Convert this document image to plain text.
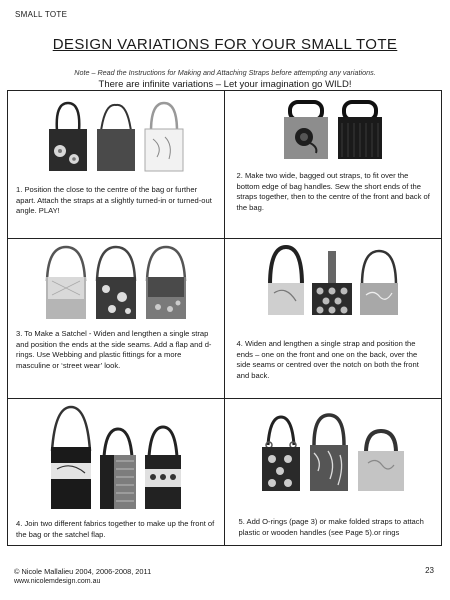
SMALL TOTE
DESIGN VARIATIONS FOR YOUR SMALL TOTE
Note – Read the Instructions for Making and Attaching Straps before attempting any variations.
There are infinite variations – Let your imagination go WILD!
1. Position the close to the centre of the bag or further apart. Attach the straps at a slightly turned-in or turned-out angle. PLAY!
2. Make two wide, bagged out straps, to fit over the bottom edge of bag handles. Sew the short ends of the straps together, then to the centre of the front and back of the bag.
3. To Make a Satchel - Widen and lengthen a single strap and position the ends at the side seams. Add a flap and d-rings. Use Webbing and plastic fittings for a more masculine or ‘street wear’ look.
4. Widen and lengthen a single strap and position the ends – one on the front and one on the back, over the side seams or centred over the notch on both the front and back.
4. Join two different fabrics together to make up the front of the bag or the satchel flap.
5. Add O-rings (page 3) or make folded straps to attach plastic or wooden handles (see Page 5).or rings
© Nicole Mallalieu 2004, 2006-2008, 2011
www.nicolemdesign.com.au
23
